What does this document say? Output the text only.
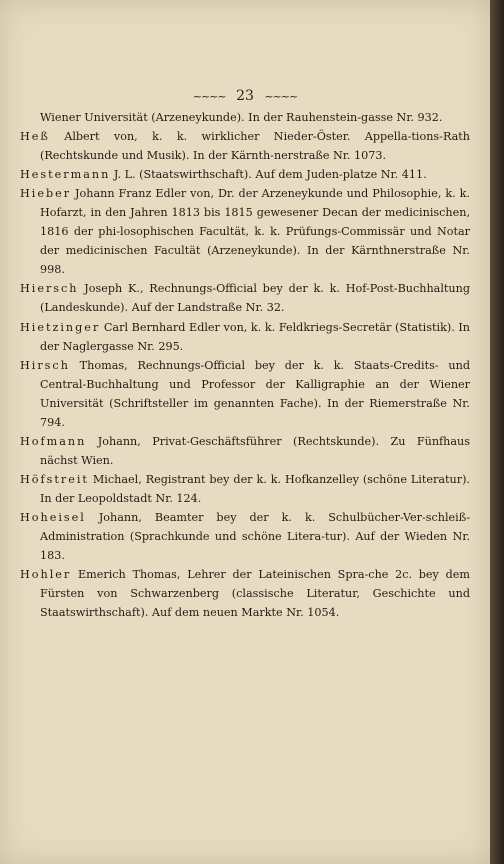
~~~~ 23 ~~~~

Wiener Universität (Arzeneykunde). In der Rauhenstein-gasse Nr. 932.

Heß Albert von, k. k. wirklicher Nieder-Öster. Appella-tions-Rath (Rechtskunde und Musik). In der Kärnth-nerstraße Nr. 1073.

Hestermann J. L. (Staatswirthschaft). Auf dem Juden-platze Nr. 411.

Hieber Johann Franz Edler von, Dr. der Arzeneykunde und Philosophie, k. k. Hofarzt, in den Jahren 1813 bis 1815 gewesener Decan der medicinischen, 1816 der phi-losophischen Facultät, k. k. Prüfungs-Commissär und Notar der medicinischen Facultät (Arzeneykunde). In der Kärnthnerstraße Nr. 998.

Hiersch Joseph K., Rechnungs-Official bey der k. k. Hof-Post-Buchhaltung (Landeskunde). Auf der Landstraße Nr. 32.

Hietzinger Carl Bernhard Edler von, k. k. Feldkriegs-Secretär (Statistik). In der Naglergasse Nr. 295.

Hirsch Thomas, Rechnungs-Official bey der k. k. Staats-Credits- und Central-Buchhaltung und Professor der Kalligraphie an der Wiener Universität (Schriftsteller im genannten Fache). In der Riemerstraße Nr. 794.

Hofmann Johann, Privat-Geschäftsführer (Rechtskunde). Zu Fünfhaus nächst Wien.

Höfstreit Michael, Registrant bey der k. k. Hofkanzelley (schöne Literatur). In der Leopoldstadt Nr. 124.

Hoheisel Johann, Beamter bey der k. k. Schulbücher-Ver-schleiß-Administration (Sprachkunde und schöne Litera-tur). Auf der Wieden Nr. 183.

Hohler Emerich Thomas, Lehrer der Lateinischen Spra-che 2c. bey dem Fürsten von Schwarzenberg (classische Literatur, Geschichte und Staatswirthschaft). Auf dem neuen Markte Nr. 1054.
